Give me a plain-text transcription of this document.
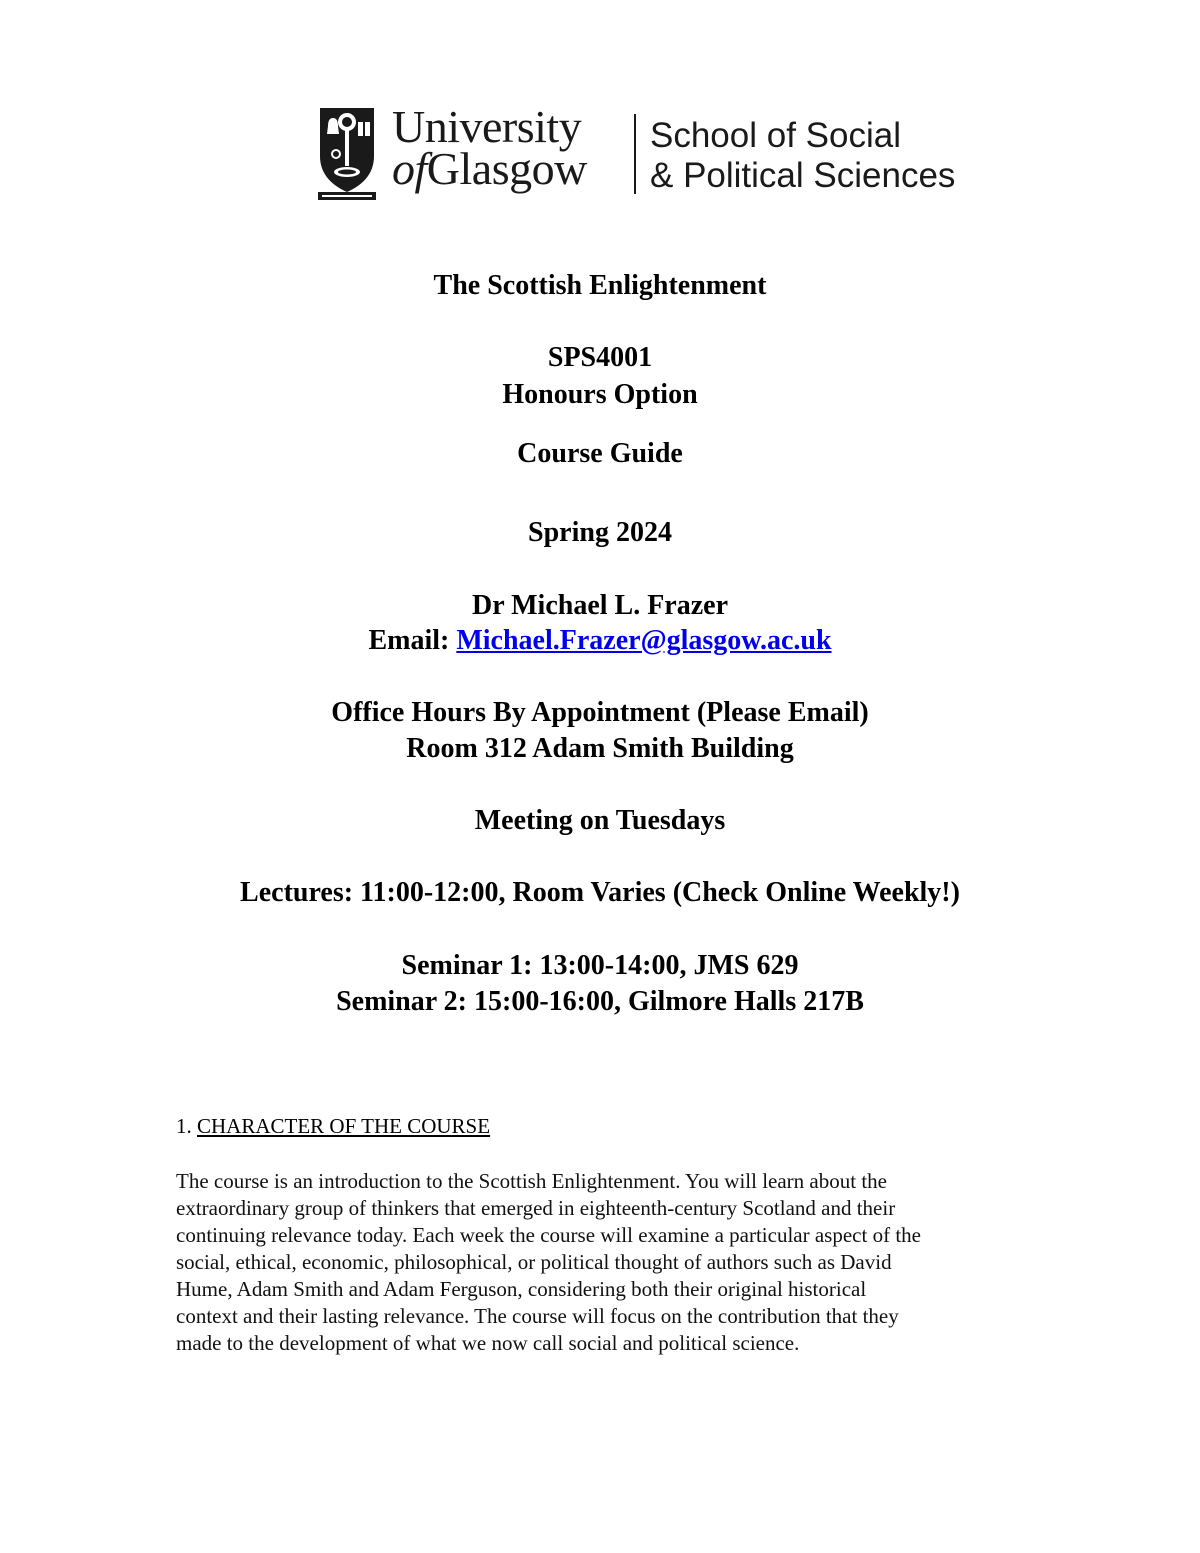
University
ofGlasgow
School of Social
& Political Sciences
The Scottish Enlightenment
SPS4001
Honours Option
Course Guide
Spring 2024
Dr Michael L. Frazer
Email: Michael.Frazer@glasgow.ac.uk
Office Hours By Appointment (Please Email)
Room 312 Adam Smith Building
Meeting on Tuesdays
Lectures: 11:00-12:00, Room Varies (Check Online Weekly!)
Seminar 1: 13:00-14:00, JMS 629
Seminar 2: 15:00-16:00, Gilmore Halls 217B
1. CHARACTER OF THE COURSE
The course is an introduction to the Scottish Enlightenment. You will learn about the
extraordinary group of thinkers that emerged in eighteenth-century Scotland and their
continuing relevance today. Each week the course will examine a particular aspect of the
social, ethical, economic, philosophical, or political thought of authors such as David
Hume, Adam Smith and Adam Ferguson, considering both their original historical
context and their lasting relevance. The course will focus on the contribution that they
made to the development of what we now call social and political science.
